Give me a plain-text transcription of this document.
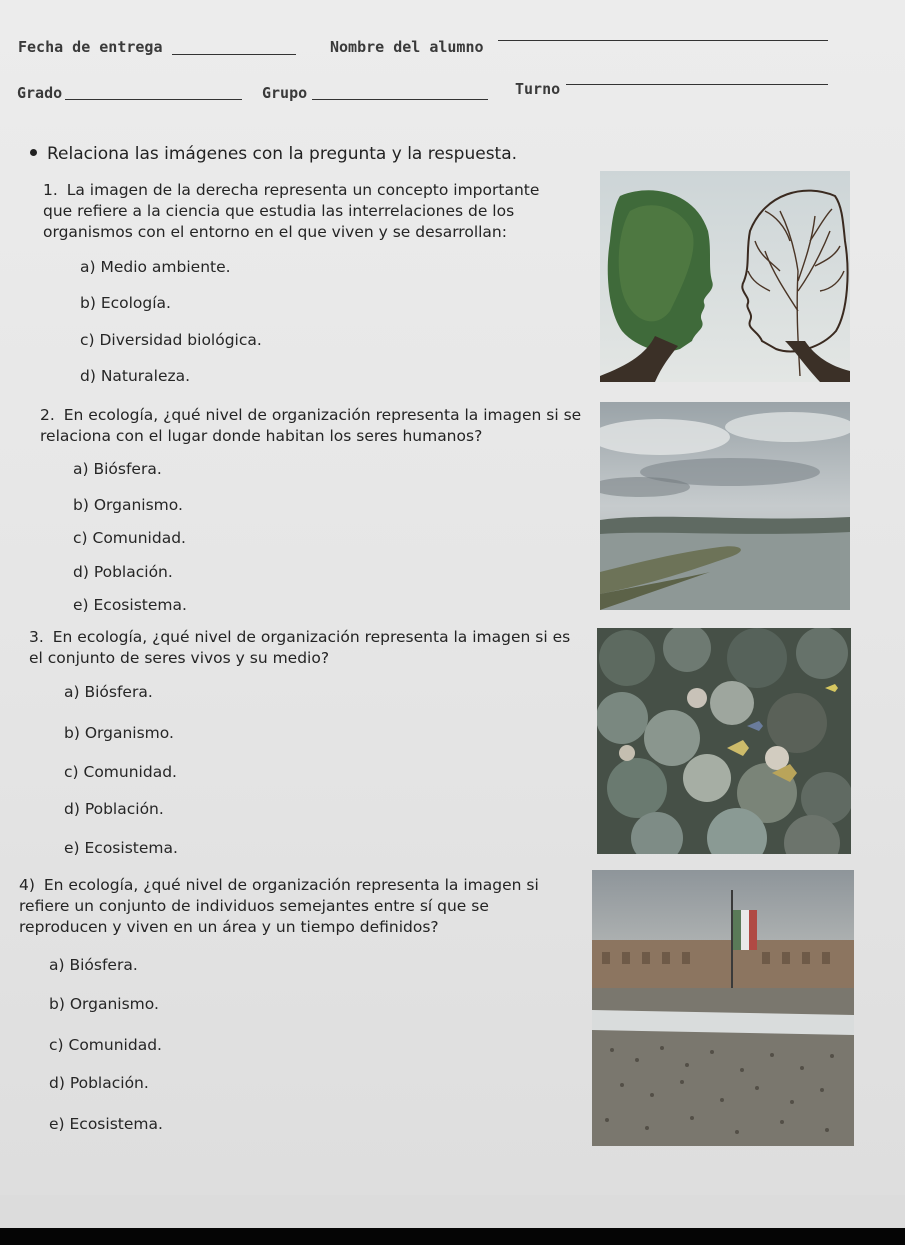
Fecha de entrega	Nombre del alumno
Grado	Grupo	Turno
Relaciona las imágenes con la pregunta y la respuesta.
1. La imagen de la derecha representa un concepto importante que refiere a la ciencia que estudia las interrelaciones de los organismos con el entorno en el que viven y se desarrollan:
a) Medio ambiente.
b) Ecología.
c) Diversidad biológica.
d) Naturaleza.
2. En ecología, ¿qué nivel de organización representa la imagen si se relaciona con el lugar donde habitan los seres humanos?
a) Biósfera.
b) Organismo.
c) Comunidad.
d) Población.
e) Ecosistema.
3. En ecología, ¿qué nivel de organización representa la imagen si es el conjunto de seres vivos y su medio?
a) Biósfera.
b) Organismo.
c) Comunidad.
d) Población.
e) Ecosistema.
4) En ecología, ¿qué nivel de organización representa la imagen si refiere un conjunto de individuos semejantes entre sí que se reproducen y viven en un área y un tiempo definidos?
a) Biósfera.
b) Organismo.
c) Comunidad.
d) Población.
e) Ecosistema.
